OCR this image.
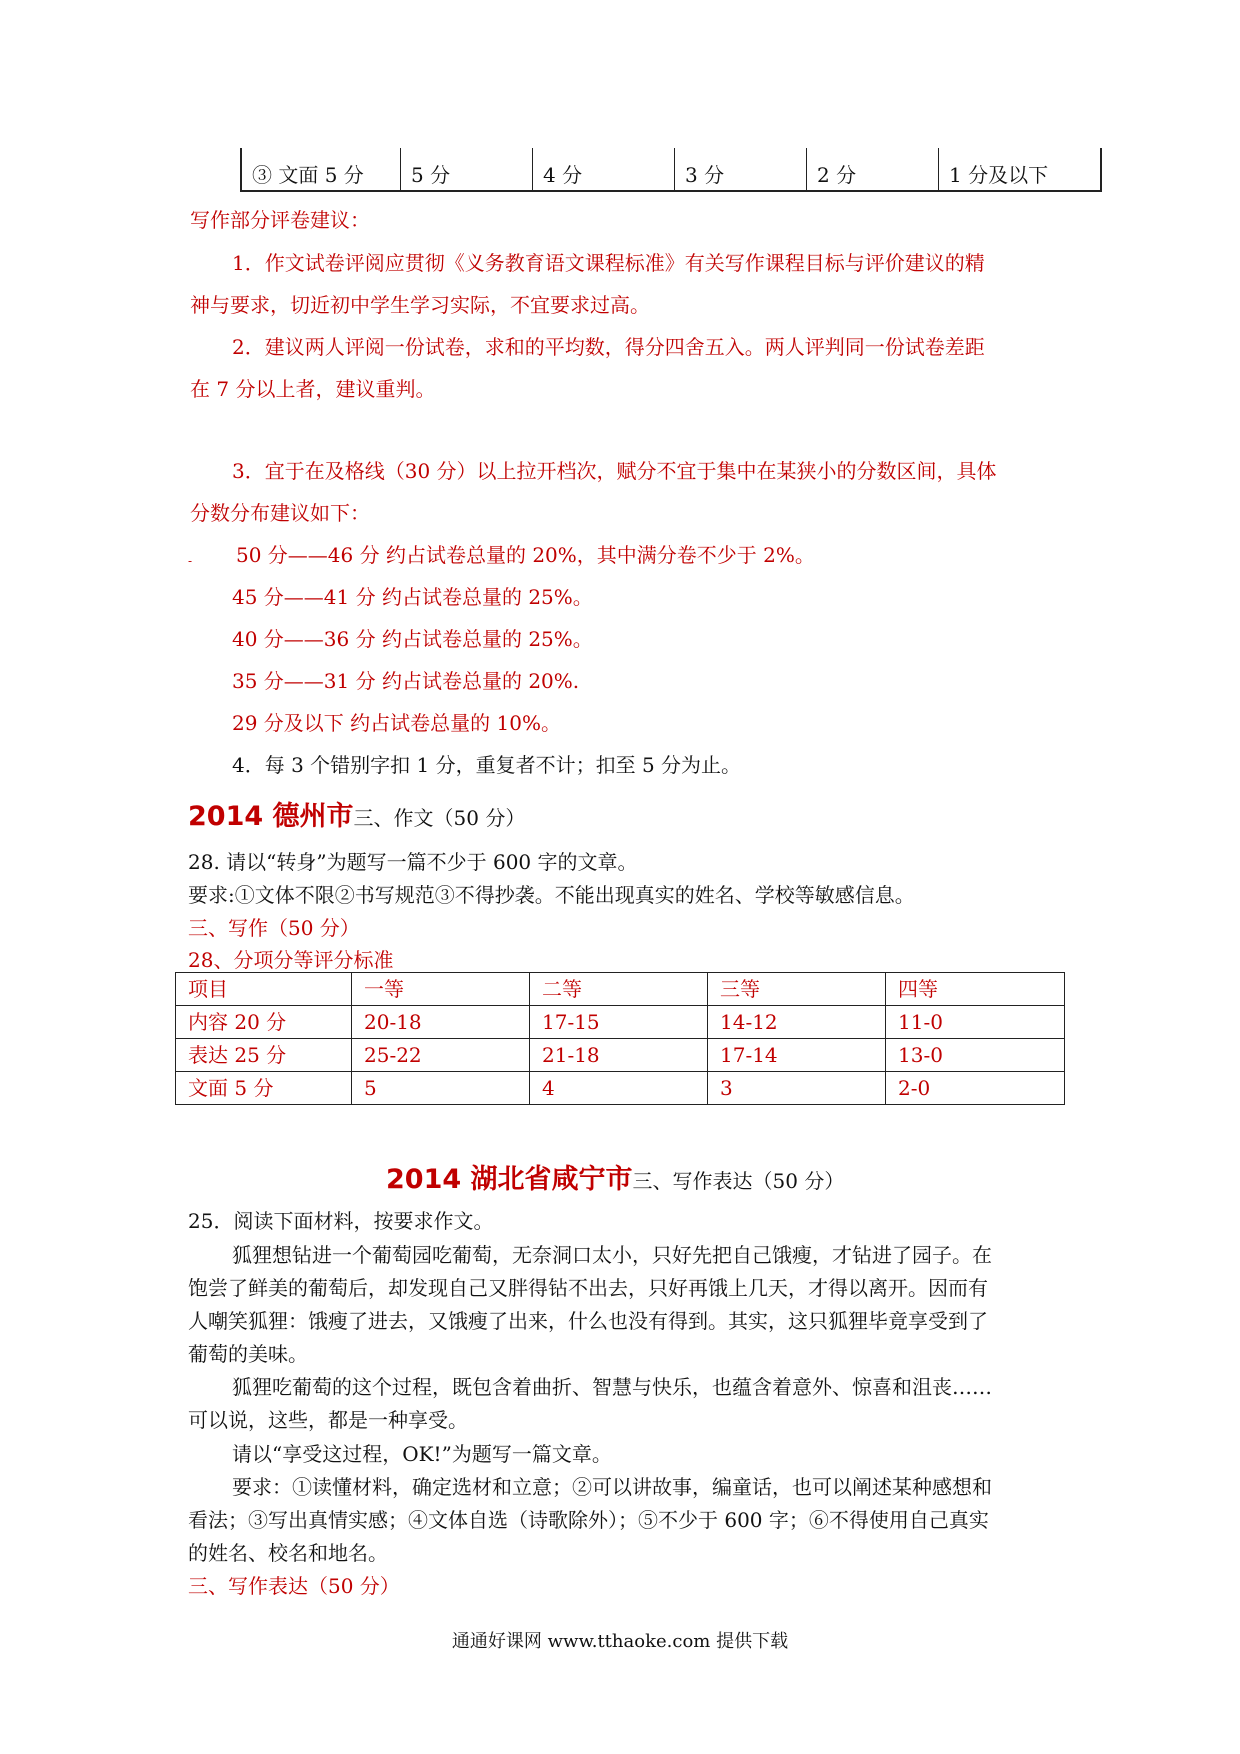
③ 文面 5 分	5 分	4 分	3 分	2 分	1 分及以下
写作部分评卷建议：
1．作文试卷评阅应贯彻《义务教育语文课程标准》有关写作课程目标与评价建议的精
神与要求，切近初中学生学习实际，不宜要求过高。
2．建议两人评阅一份试卷，求和的平均数，得分四舍五入。两人评判同一份试卷差距
在 7 分以上者，建议重判。
3．宜于在及格线（30 分）以上拉开档次，赋分不宜于集中在某狭小的分数区间，具体
分数分布建议如下：
- 50 分——46 分 约占试卷总量的 20%，其中满分卷不少于 2%。
45 分——41 分 约占试卷总量的 25%。
40 分——36 分 约占试卷总量的 25%。
35 分——31 分 约占试卷总量的 20%.
29 分及以下 约占试卷总量的 10%。
4．每 3 个错别字扣 1 分，重复者不计；扣至 5 分为止。
2014 德州市三、作文（50 分）
28. 请以“转身”为题写一篇不少于 600 字的文章。
要求:①文体不限②书写规范③不得抄袭。不能出现真实的姓名、学校等敏感信息。
三、写作（50 分）
28、分项分等评分标准
项目	一等	二等	三等	四等
内容 20 分	20-18	17-15	14-12	11-0
表达 25 分	25-22	21-18	17-14	13-0
文面 5 分	5	4	3	2-0
2014 湖北省咸宁市三、写作表达（50 分）
25．阅读下面材料，按要求作文。
狐狸想钻进一个葡萄园吃葡萄，无奈洞口太小，只好先把自己饿瘦，才钻进了园子。在
饱尝了鲜美的葡萄后，却发现自己又胖得钻不出去，只好再饿上几天，才得以离开。因而有
人嘲笑狐狸：饿瘦了进去，又饿瘦了出来，什么也没有得到。其实，这只狐狸毕竟享受到了
葡萄的美味。
狐狸吃葡萄的这个过程，既包含着曲折、智慧与快乐，也蕴含着意外、惊喜和沮丧……
可以说，这些，都是一种享受。
请以“享受这过程，OK!”为题写一篇文章。
要求：①读懂材料，确定选材和立意；②可以讲故事，编童话，也可以阐述某种感想和
看法；③写出真情实感；④文体自选（诗歌除外）；⑤不少于 600 字；⑥不得使用自己真实
的姓名、校名和地名。
三、写作表达（50 分）
通通好课网 www.tthaoke.com 提供下载
